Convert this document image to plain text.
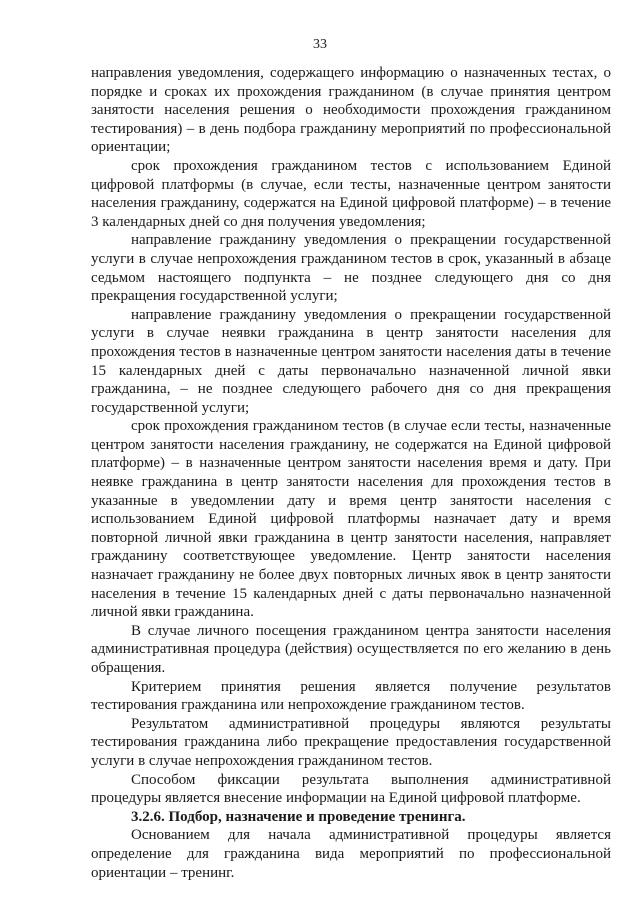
33

направления уведомления, содержащего информацию о назначенных тестах, о порядке и сроках их прохождения гражданином (в случае принятия центром занятости населения решения о необходимости прохождения гражданином тестирования) – в день подбора гражданину мероприятий по профессиональной ориентации;

срок прохождения гражданином тестов с использованием Единой цифровой платформы (в случае, если тесты, назначенные центром занятости населения гражданину, содержатся на Единой цифровой платформе) – в течение 3 календарных дней со дня получения уведомления;

направление гражданину уведомления о прекращении государственной услуги в случае непрохождения гражданином тестов в срок, указанный в абзаце седьмом настоящего подпункта – не позднее следующего дня со дня прекращения государственной услуги;

направление гражданину уведомления о прекращении государственной услуги в случае неявки гражданина в центр занятости населения для прохождения тестов в назначенные центром занятости населения даты в течение 15 календарных дней с даты первоначально назначенной личной явки гражданина, – не позднее следующего рабочего дня со дня прекращения государственной услуги;

срок прохождения гражданином тестов (в случае если тесты, назначенные центром занятости населения гражданину, не содержатся на Единой цифровой платформе) – в назначенные центром занятости населения время и дату. При неявке гражданина в центр занятости населения для прохождения тестов в указанные в уведомлении дату и время центр занятости населения с использованием Единой цифровой платформы назначает дату и время повторной личной явки гражданина в центр занятости населения, направляет гражданину соответствующее уведомление. Центр занятости населения назначает гражданину не более двух повторных личных явок в центр занятости населения в течение 15 календарных дней с даты первоначально назначенной личной явки гражданина.

В случае личного посещения гражданином центра занятости населения административная процедура (действия) осуществляется по его желанию в день обращения.

Критерием принятия решения является получение результатов тестирования гражданина или непрохождение гражданином тестов.

Результатом административной процедуры являются результаты тестирования гражданина либо прекращение предоставления государственной услуги в случае непрохождения гражданином тестов.

Способом фиксации результата выполнения административной процедуры является внесение информации на Единой цифровой платформе.

3.2.6. Подбор, назначение и проведение тренинга.

Основанием для начала административной процедуры является определение для гражданина вида мероприятий по профессиональной ориентации – тренинг.
